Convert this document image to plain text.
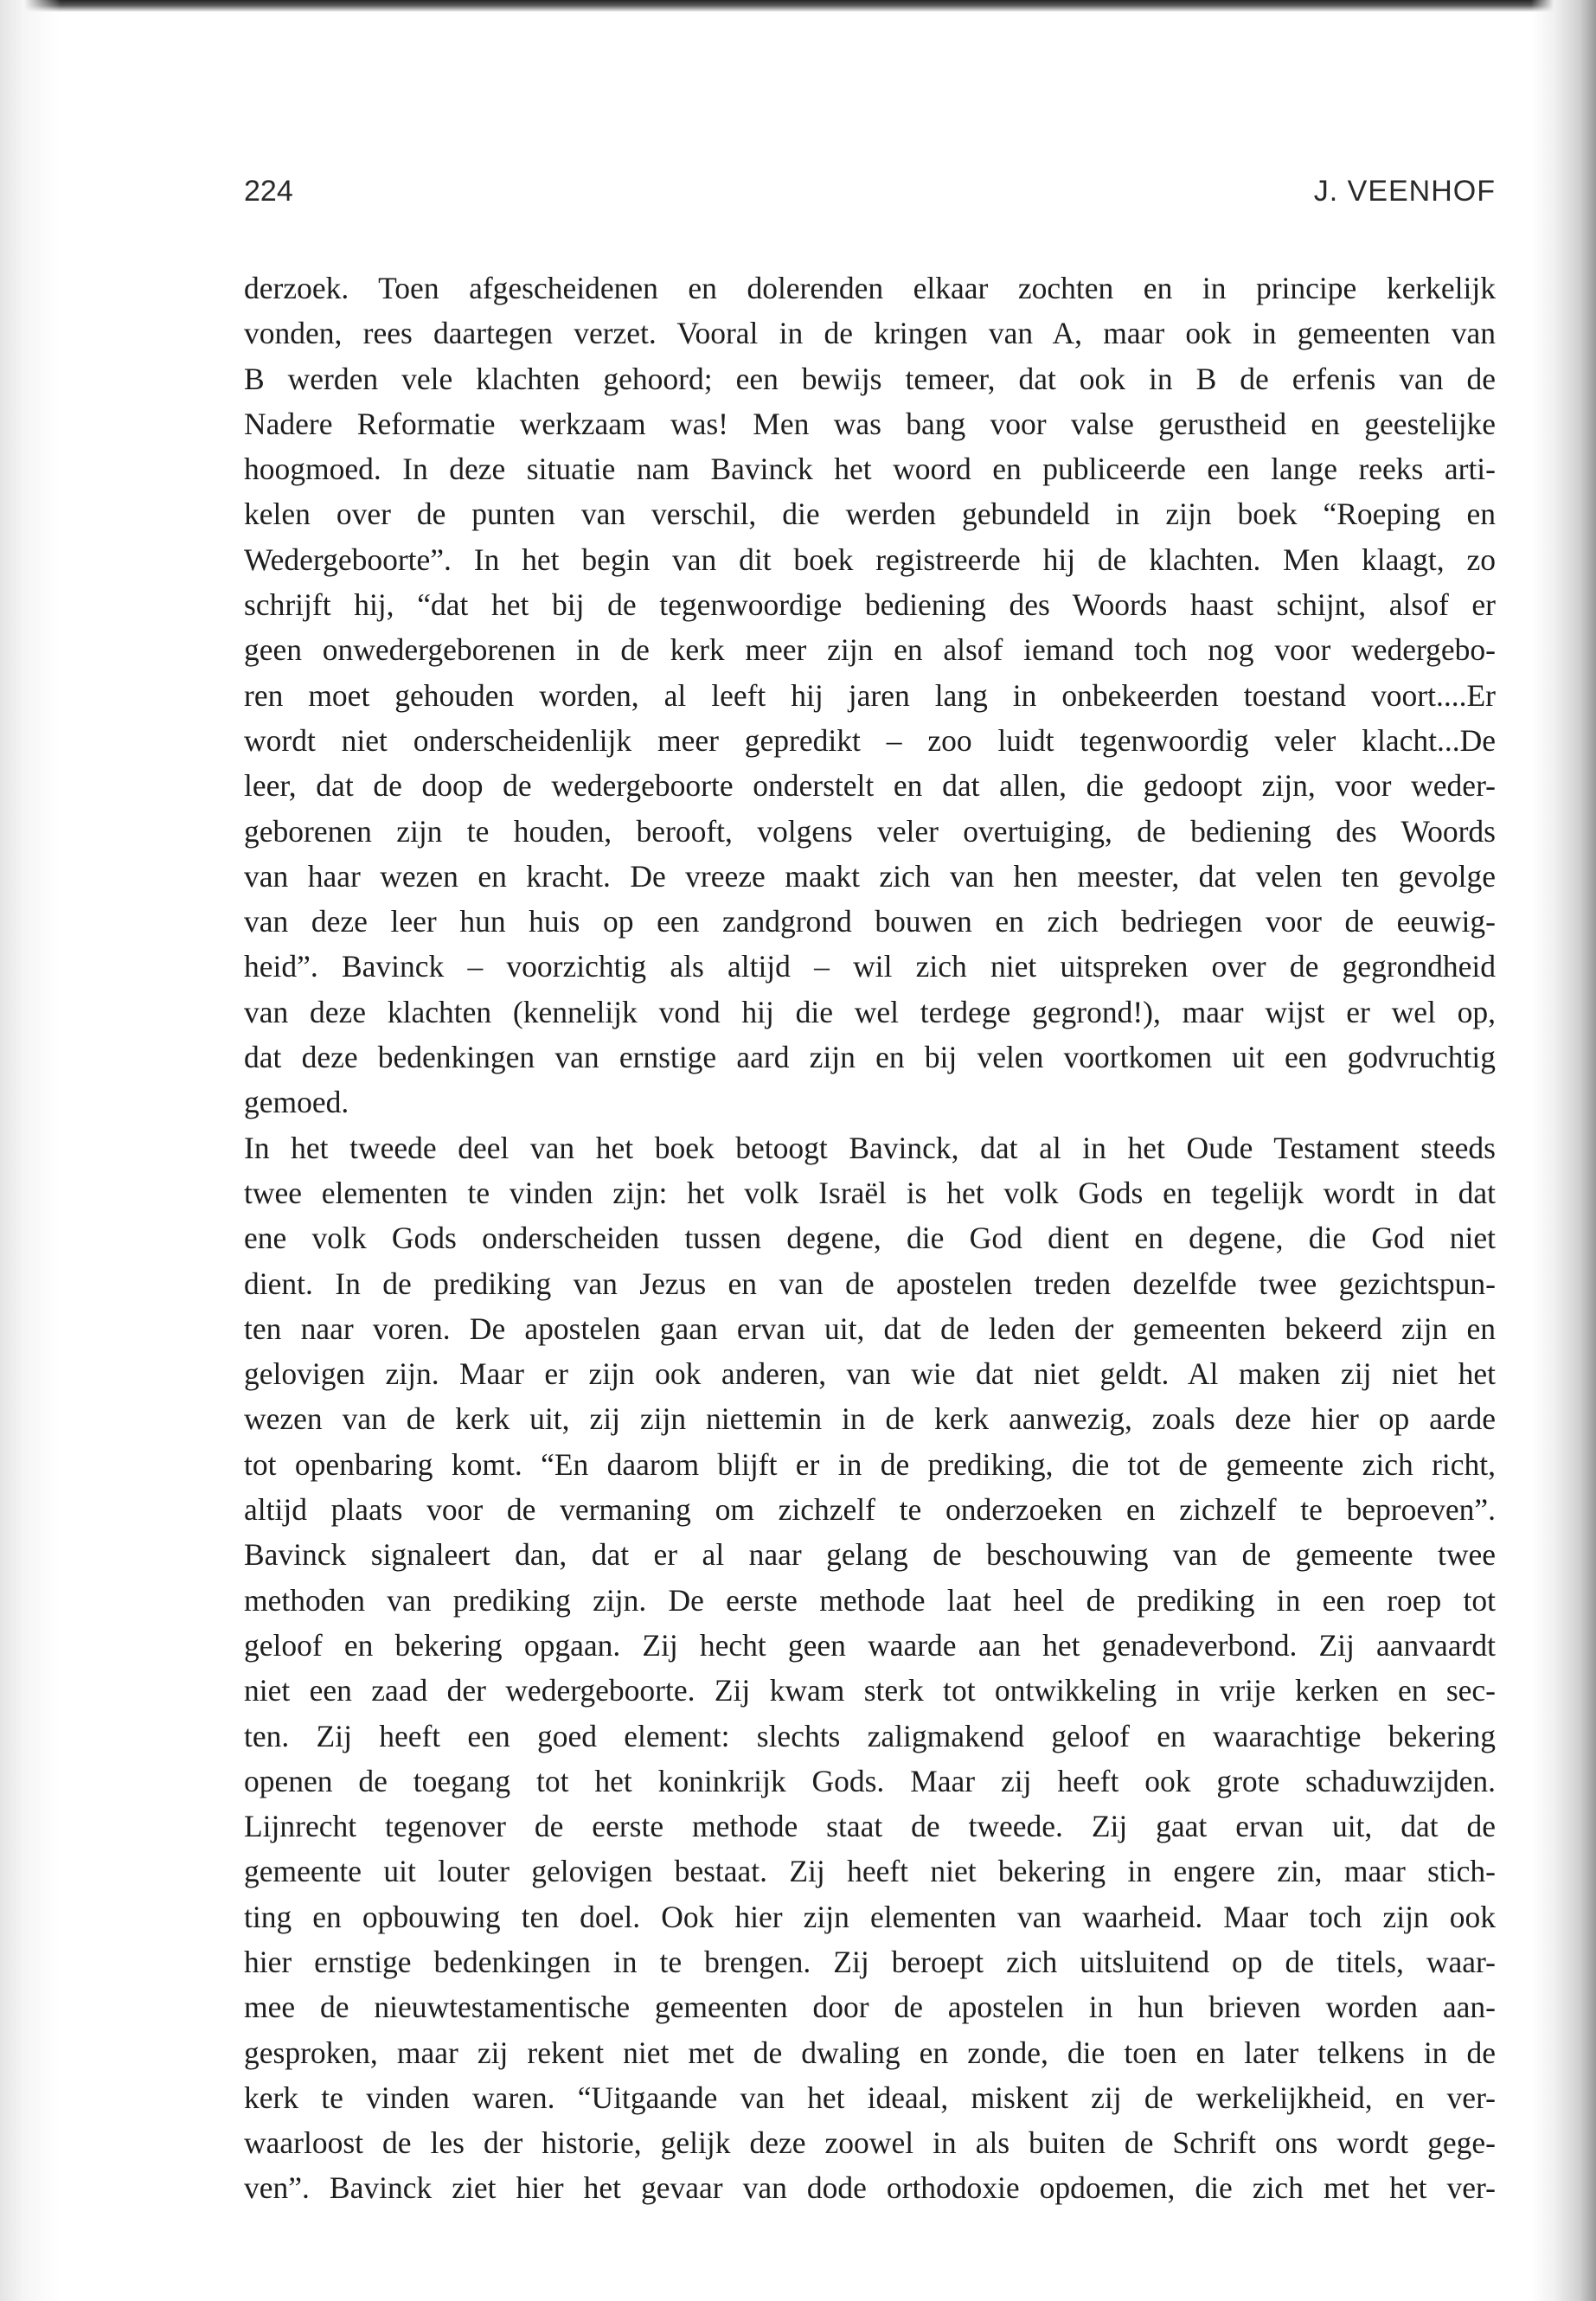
224	J. VEENHOF
derzoek. Toen afgescheidenen en dolerenden elkaar zochten en in principe kerkelijk
vonden, rees daartegen verzet. Vooral in de kringen van A, maar ook in gemeenten van
B werden vele klachten gehoord; een bewijs temeer, dat ook in B de erfenis van de
Nadere Reformatie werkzaam was! Men was bang voor valse gerustheid en geestelijke
hoogmoed. In deze situatie nam Bavinck het woord en publiceerde een lange reeks arti-
kelen over de punten van verschil, die werden gebundeld in zijn boek “Roeping en
Wedergeboorte”. In het begin van dit boek registreerde hij de klachten. Men klaagt, zo
schrijft hij, “dat het bij de tegenwoordige bediening des Woords haast schijnt, alsof er
geen onwedergeborenen in de kerk meer zijn en alsof iemand toch nog voor wedergebo-
ren moet gehouden worden, al leeft hij jaren lang in onbekeerden toestand voort....Er
wordt niet onderscheidenlijk meer gepredikt – zoo luidt tegenwoordig veler klacht...De
leer, dat de doop de wedergeboorte onderstelt en dat allen, die gedoopt zijn, voor weder-
geborenen zijn te houden, berooft, volgens veler overtuiging, de bediening des Woords
van haar wezen en kracht. De vreeze maakt zich van hen meester, dat velen ten gevolge
van deze leer hun huis op een zandgrond bouwen en zich bedriegen voor de eeuwig-
heid”. Bavinck – voorzichtig als altijd – wil zich niet uitspreken over de gegrondheid
van deze klachten (kennelijk vond hij die wel terdege gegrond!), maar wijst er wel op,
dat deze bedenkingen van ernstige aard zijn en bij velen voortkomen uit een godvruchtig
gemoed.
In het tweede deel van het boek betoogt Bavinck, dat al in het Oude Testament steeds
twee elementen te vinden zijn: het volk Israël is het volk Gods en tegelijk wordt in dat
ene volk Gods onderscheiden tussen degene, die God dient en degene, die God niet
dient. In de prediking van Jezus en van de apostelen treden dezelfde twee gezichtspun-
ten naar voren. De apostelen gaan ervan uit, dat de leden der gemeenten bekeerd zijn en
gelovigen zijn. Maar er zijn ook anderen, van wie dat niet geldt. Al maken zij niet het
wezen van de kerk uit, zij zijn niettemin in de kerk aanwezig, zoals deze hier op aarde
tot openbaring komt. “En daarom blijft er in de prediking, die tot de gemeente zich richt,
altijd plaats voor de vermaning om zichzelf te onderzoeken en zichzelf te beproeven”.
Bavinck signaleert dan, dat er al naar gelang de beschouwing van de gemeente twee
methoden van prediking zijn. De eerste methode laat heel de prediking in een roep tot
geloof en bekering opgaan. Zij hecht geen waarde aan het genadeverbond. Zij aanvaardt
niet een zaad der wedergeboorte. Zij kwam sterk tot ontwikkeling in vrije kerken en sec-
ten. Zij heeft een goed element: slechts zaligmakend geloof en waarachtige bekering
openen de toegang tot het koninkrijk Gods. Maar zij heeft ook grote schaduwzijden.
Lijnrecht tegenover de eerste methode staat de tweede. Zij gaat ervan uit, dat de
gemeente uit louter gelovigen bestaat. Zij heeft niet bekering in engere zin, maar stich-
ting en opbouwing ten doel. Ook hier zijn elementen van waarheid. Maar toch zijn ook
hier ernstige bedenkingen in te brengen. Zij beroept zich uitsluitend op de titels, waar-
mee de nieuwtestamentische gemeenten door de apostelen in hun brieven worden aan-
gesproken, maar zij rekent niet met de dwaling en zonde, die toen en later telkens in de
kerk te vinden waren. “Uitgaande van het ideaal, miskent zij de werkelijkheid, en ver-
waarloost de les der historie, gelijk deze zoowel in als buiten de Schrift ons wordt gege-
ven”. Bavinck ziet hier het gevaar van dode orthodoxie opdoemen, die zich met het ver-
